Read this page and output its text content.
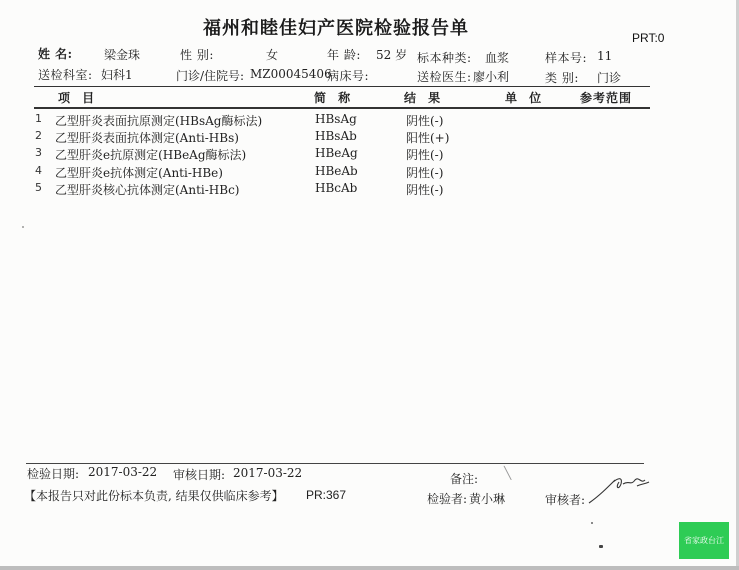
福州和睦佳妇产医院检验报告单	PRT:0
姓 名:	梁金珠	性 别:	女	年 龄: 52 岁 标本种类: 血浆	样本号: 11
送检科室: 妇科1	门诊/住院号: MZ00045406
病床号:	送检医生: 廖小利	类 别: 门诊
项 目	简 称	结 果	单 位	参考范围
1 乙型肝炎表面抗原测定(HBsAg酶标法)	HBsAg	阴性(-)
2 乙型肝炎表面抗体测定(Anti-HBs)	HBsAb	阳性(+)
3 乙型肝炎e抗原测定(HBeAg酶标法)	HBeAg	阴性(-)
4 乙型肝炎e抗体测定(Anti-HBe)	HBeAb	阴性(-)
5 乙型肝炎核心抗体测定(Anti-HBc)	HBcAb	阴性(-)
检验日期: 2017-03-22 审核日期: 2017-03-22	备注: ╲
【本报告只对此份标本负责, 结果仅供临床参考】 PR:367	检验者: 黄小琳	审核者:
省家政台江
